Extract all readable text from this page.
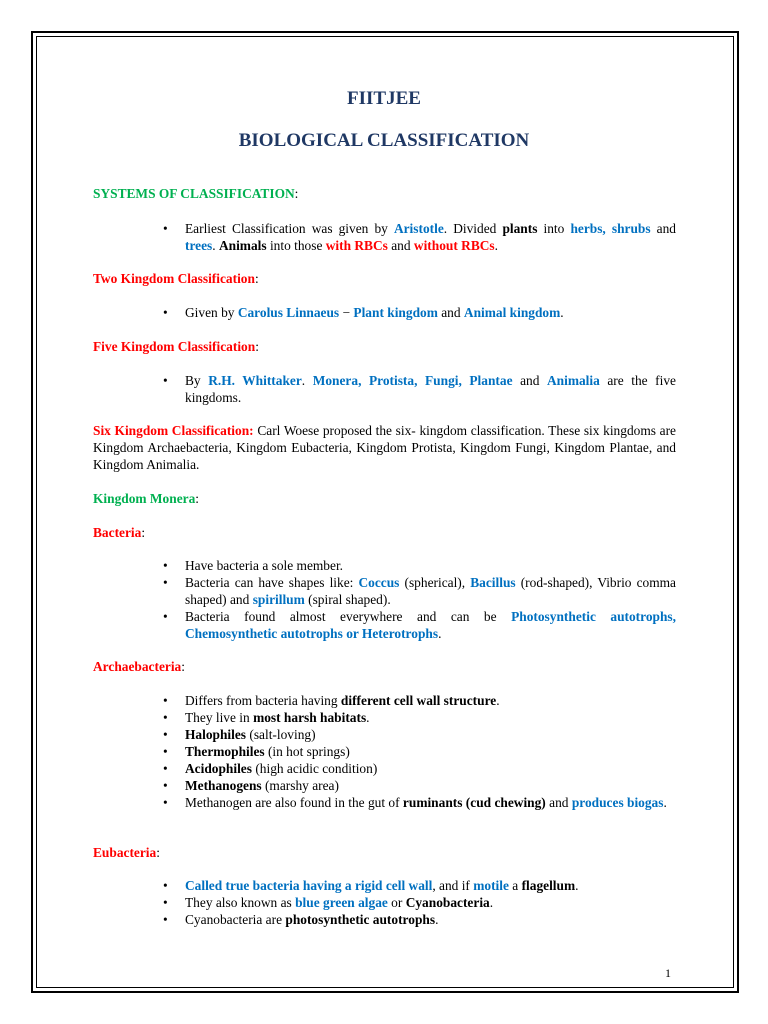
FIITJEE
BIOLOGICAL CLASSIFICATION
SYSTEMS OF CLASSIFICATION:
• Earliest Classification was given by Aristotle. Divided plants into herbs, shrubs and trees. Animals into those with RBCs and without RBCs.
Two Kingdom Classification:
• Given by Carolus Linnaeus − Plant kingdom and Animal kingdom.
Five Kingdom Classification:
• By R.H. Whittaker. Monera, Protista, Fungi, Plantae and Animalia are the five kingdoms.

Six Kingdom Classification: Carl Woese proposed the six- kingdom classification. These six kingdoms are Kingdom Archaebacteria, Kingdom Eubacteria, Kingdom Protista, Kingdom Fungi, Kingdom Plantae, and Kingdom Animalia.

Kingdom Monera:
Bacteria:
• Have bacteria a sole member.
• Bacteria can have shapes like: Coccus (spherical), Bacillus (rod-shaped), Vibrio comma shaped) and spirillum (spiral shaped).
• Bacteria found almost everywhere and can be Photosynthetic autotrophs, Chemosynthetic autotrophs or Heterotrophs.
Archaebacteria:
• Differs from bacteria having different cell wall structure.
• They live in most harsh habitats.
• Halophiles (salt-loving)
• Thermophiles (in hot springs)
• Acidophiles (high acidic condition)
• Methanogens (marshy area)
• Methanogen are also found in the gut of ruminants (cud chewing) and produces biogas.
Eubacteria:
• Called true bacteria having a rigid cell wall, and if motile a flagellum.
• They also known as blue green algae or Cyanobacteria.
• Cyanobacteria are photosynthetic autotrophs.
1
